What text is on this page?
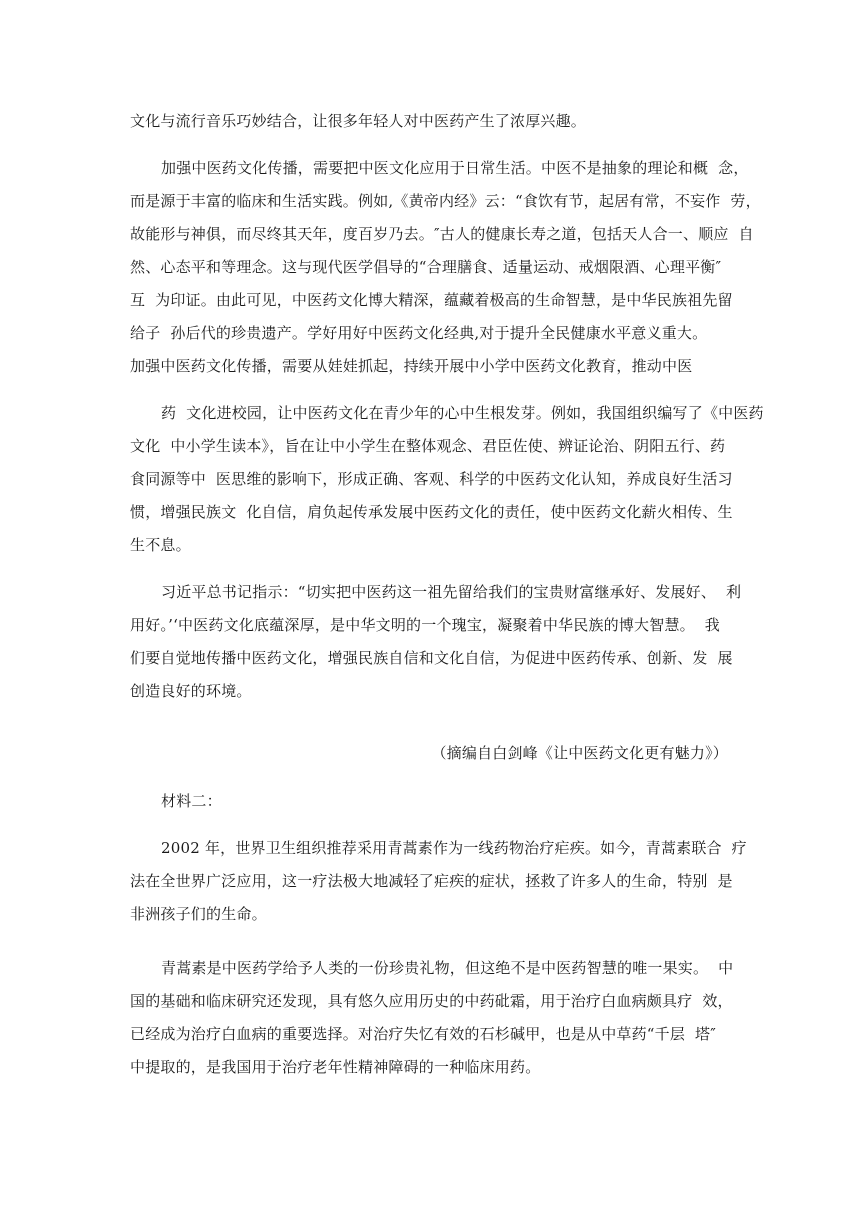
文化与流行音乐巧妙结合，让很多年轻人对中医药产生了浓厚兴趣。
加强中医药文化传播，需要把中医文化应用于日常生活。中医不是抽象的理论和概  念，
而是源于丰富的临床和生活实践。例如,《黄帝内经》云：“食饮有节，起居有常，不妄作  劳，
故能形与神俱，而尽终其天年，度百岁乃去。″古人的健康长寿之道，包括天人合一、顺应  自
然、心态平和等理念。这与现代医学倡导的“合理膳食、适量运动、戒烟限酒、心理平衡″
互  为印证。由此可见，中医药文化博大精深，蕴藏着极高的生命智慧，是中华民族祖先留
给子  孙后代的珍贵遗产。学好用好中医药文化经典,对于提升全民健康水平意义重大。
加强中医药文化传播，需要从娃娃抓起，持续开展中小学中医药文化教育，推动中医
药  文化进校园，让中医药文化在青少年的心中生根发芽。例如，我国组织编写了《中医药
文化  中小学生读本》，旨在让中小学生在整体观念、君臣佐使、辨证论治、阴阳五行、药
食同源等中  医思维的影响下，形成正确、客观、科学的中医药文化认知，养成良好生活习
惯，增强民族文  化自信，肩负起传承发展中医药文化的责任，使中医药文化薪火相传、生
生不息。
习近平总书记指示：“切实把中医药这一祖先留给我们的宝贵财富继承好、发展好、  利
用好。’‘中医药文化底蕴深厚，是中华文明的一个瑰宝，凝聚着中华民族的博大智慧。  我
们要自觉地传播中医药文化，增强民族自信和文化自信，为促进中医药传承、创新、发  展
创造良好的环境。
（摘编自白剑峰《让中医药文化更有魅力》）
材料二：
2002 年，世界卫生组织推荐采用青蒿素作为一线药物治疗疟疾。如今，青蒿素联合  疗
法在全世界广泛应用，这一疗法极大地减轻了疟疾的症状，拯救了许多人的生命，特别  是
非洲孩子们的生命。
青蒿素是中医药学给予人类的一份珍贵礼物，但这绝不是中医药智慧的唯一果实。  中
国的基础和临床研究还发现，具有悠久应用历史的中药砒霜，用于治疗白血病颇具疗  效，
已经成为治疗白血病的重要选择。对治疗失忆有效的石杉碱甲，也是从中草药“千层  塔″
中提取的，是我国用于治疗老年性精神障碍的一种临床用药。
